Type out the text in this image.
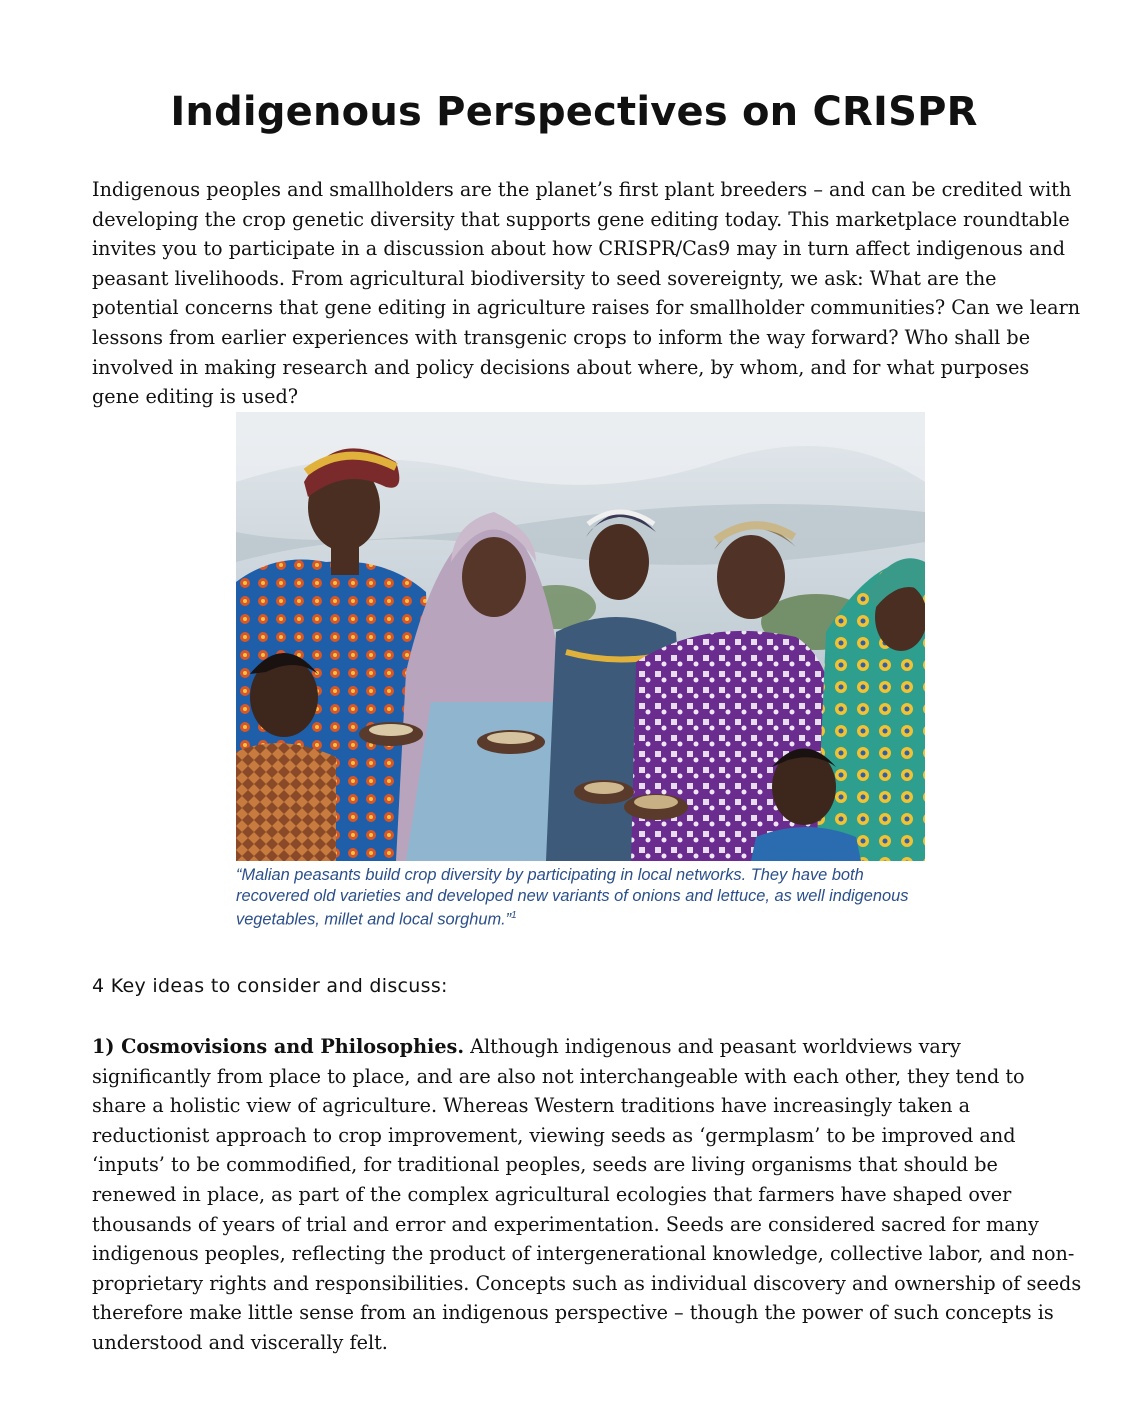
Indigenous Perspectives on CRISPR

Indigenous peoples and smallholders are the planet’s first plant breeders – and can be credited with developing the crop genetic diversity that supports gene editing today. This marketplace roundtable invites you to participate in a discussion about how CRISPR/Cas9 may in turn affect indigenous and peasant livelihoods. From agricultural biodiversity to seed sovereignty, we ask: What are the potential concerns that gene editing in agriculture raises for smallholder communities? Can we learn lessons from earlier experiences with transgenic crops to inform the way forward? Who shall be involved in making research and policy decisions about where, by whom, and for what purposes gene editing is used?

“Malian peasants build crop diversity by participating in local networks. They have both recovered old varieties and developed new variants of onions and lettuce, as well indigenous vegetables, millet and local sorghum.”$^1$

4 Key ideas to consider and discuss:

1) Cosmovisions and Philosophies. Although indigenous and peasant worldviews vary significantly from place to place, and are also not interchangeable with each other, they tend to share a holistic view of agriculture. Whereas Western traditions have increasingly taken a reductionist approach to crop improvement, viewing seeds as ‘germplasm’ to be improved and ‘inputs’ to be commodified, for traditional peoples, seeds are living organisms that should be renewed in place, as part of the complex agricultural ecologies that farmers have shaped over thousands of years of trial and error and experimentation. Seeds are considered sacred for many indigenous peoples, reflecting the product of intergenerational knowledge, collective labor, and non-proprietary rights and responsibilities. Concepts such as individual discovery and ownership of seeds therefore make little sense from an indigenous perspective – though the power of such concepts is understood and viscerally felt.
